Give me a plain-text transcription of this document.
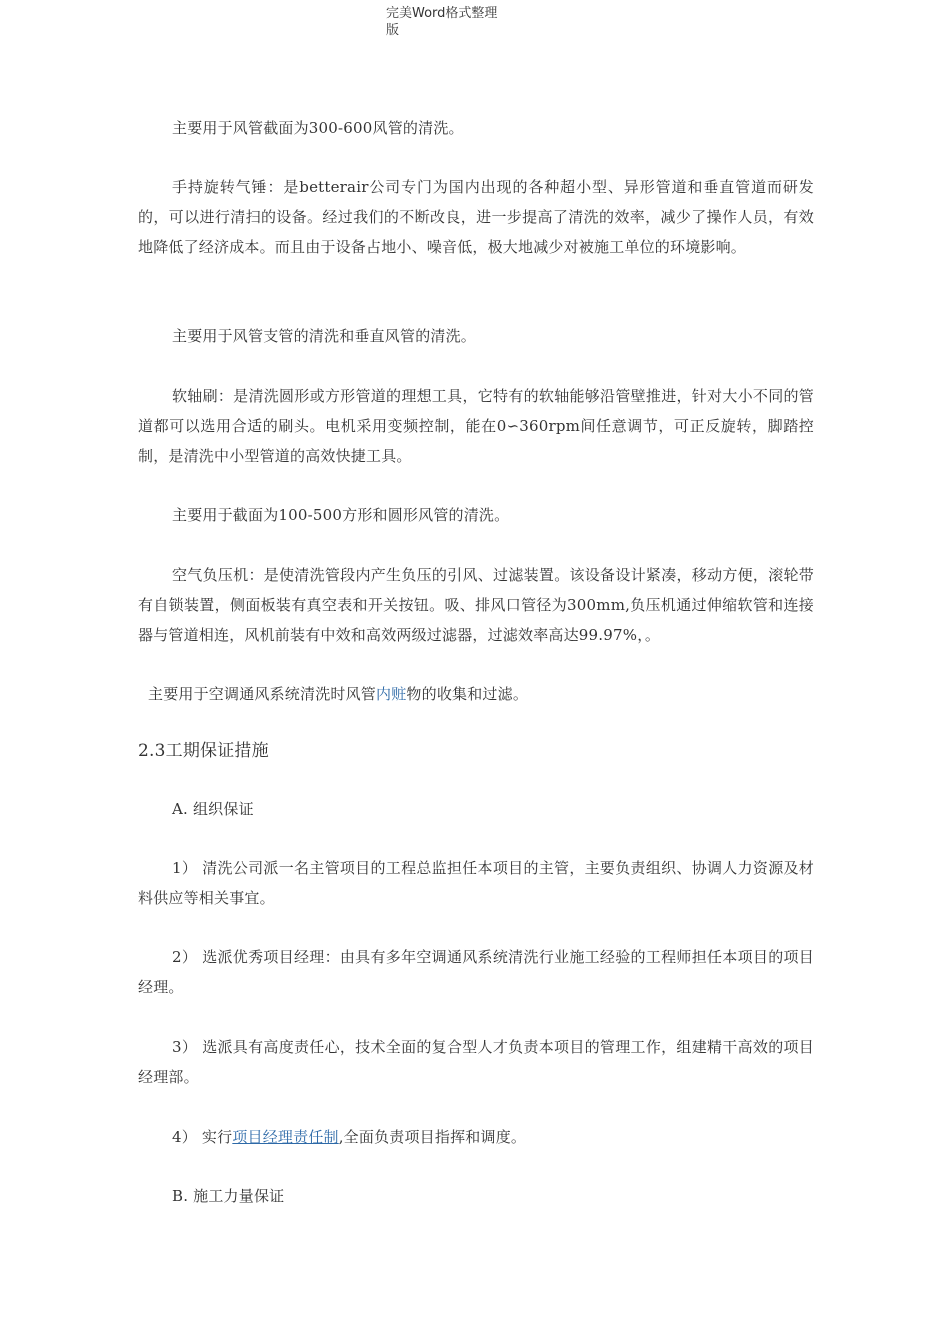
完美Word格式整理
版

主要用于风管截面为300-600风管的清洗。

手持旋转气锤：是betterair公司专门为国内出现的各种超小型、异形管道和垂直管道而研发的，可以进行清扫的设备。经过我们的不断改良，进一步提高了清洗的效率，减少了操作人员，有效地降低了经济成本。而且由于设备占地小、噪音低，极大地减少对被施工单位的环境影响。

主要用于风管支管的清洗和垂直风管的清洗。

软轴刷：是清洗圆形或方形管道的理想工具，它特有的软轴能够沿管壁推进，针对大小不同的管道都可以选用合适的刷头。电机采用变频控制，能在0∽360rpm间任意调节，可正反旋转，脚踏控制，是清洗中小型管道的高效快捷工具。

主要用于截面为100-500方形和圆形风管的清洗。

空气负压机：是使清洗管段内产生负压的引风、过滤装置。该设备设计紧凑，移动方便，滚轮带有自锁装置，侧面板装有真空表和开关按钮。吸、排风口管径为300mm,负压机通过伸缩软管和连接器与管道相连，风机前装有中效和高效两级过滤器，过滤效率高达99.97%，。

主要用于空调通风系统清洗时风管内赃物的收集和过滤。

2.3工期保证措施

A. 组织保证

1） 清洗公司派一名主管项目的工程总监担任本项目的主管，主要负责组织、协调人力资源及材料供应等相关事宜。

2） 选派优秀项目经理：由具有多年空调通风系统清洗行业施工经验的工程师担任本项目的项目经理。

3） 选派具有高度责任心，技术全面的复合型人才负责本项目的管理工作，组建精干高效的项目经理部。

4） 实行项目经理责任制,全面负责项目指挥和调度。

B. 施工力量保证
